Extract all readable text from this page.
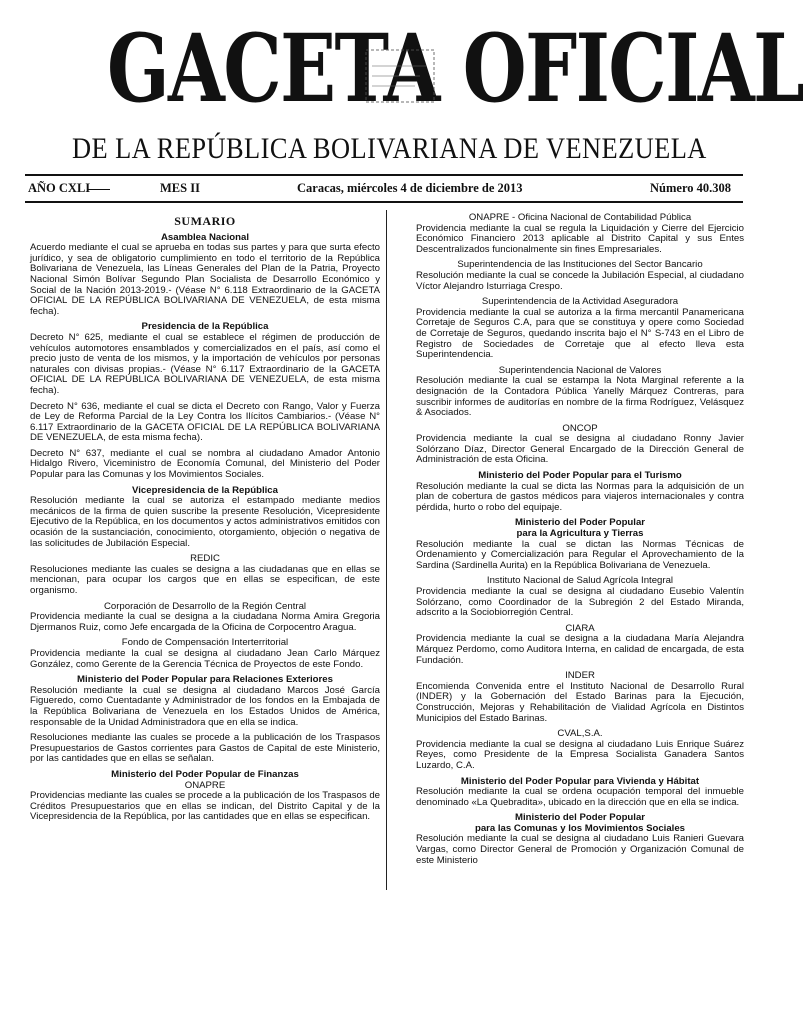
GACETA OFICIAL
DE LA REPÚBLICA BOLIVARIANA DE VENEZUELA
AÑO CXLI	MES II	Caracas, miércoles 4 de diciembre de 2013	Número 40.308
SUMARIO
Asamblea Nacional
Acuerdo mediante el cual se aprueba en todas sus partes y para que surta efecto jurídico, y sea de obligatorio cumplimiento en todo el territorio de la República Bolivariana de Venezuela, las Líneas Generales del Plan de la Patria, Proyecto Nacional Simón Bolívar Segundo Plan Socialista de Desarrollo Económico y Social de la Nación 2013-2019.- (Véase N° 6.118 Extraordinario de la GACETA OFICIAL DE LA REPÚBLICA BOLIVARIANA DE VENEZUELA, de esta misma fecha).
Presidencia de la República
Decreto N° 625, mediante el cual se establece el régimen de producción de vehículos automotores ensamblados y comercializados en el país, así como el precio justo de venta de los mismos, y la importación de vehículos por personas naturales con divisas propias.- (Véase N° 6.117 Extraordinario de la GACETA OFICIAL DE LA REPÚBLICA BOLIVARIANA DE VENEZUELA, de esta misma fecha).
Decreto N° 636, mediante el cual se dicta el Decreto con Rango, Valor y Fuerza de Ley de Reforma Parcial de la Ley Contra los Ilícitos Cambiarios.- (Véase N° 6.117 Extraordinario de la GACETA OFICIAL DE LA REPÚBLICA BOLIVARIANA DE VENEZUELA, de esta misma fecha).
Decreto N° 637, mediante el cual se nombra al ciudadano Amador Antonio Hidalgo Rivero, Viceministro de Economía Comunal, del Ministerio del Poder Popular para las Comunas y los Movimientos Sociales.
Vicepresidencia de la República
Resolución mediante la cual se autoriza el estampado mediante medios mecánicos de la firma de quien suscribe la presente Resolución, Vicepresidente Ejecutivo de la República, en los documentos y actos administrativos emitidos con ocasión de la sustanciación, conocimiento, otorgamiento, objeción o negativa de las solicitudes de Jubilación Especial.
REDIC
Resoluciones mediante las cuales se designa a las ciudadanas que en ellas se mencionan, para ocupar los cargos que en ellas se especifican, de este organismo.
Corporación de Desarrollo de la Región Central
Providencia mediante la cual se designa a la ciudadana Norma Amira Gregoria Djermanos Ruiz, como Jefe encargada de la Oficina de Corpocentro Aragua.
Fondo de Compensación Interterritorial
Providencia mediante la cual se designa al ciudadano Jean Carlo Márquez González, como Gerente de la Gerencia Técnica de Proyectos de este Fondo.
Ministerio del Poder Popular para Relaciones Exteriores
Resolución mediante la cual se designa al ciudadano Marcos José García Figueredo, como Cuentadante y Administrador de los fondos en la Embajada de la República Bolivariana de Venezuela en los Estados Unidos de América, responsable de la Unidad Administradora que en ella se indica.
Resoluciones mediante las cuales se procede a la publicación de los Traspasos Presupuestarios de Gastos corrientes para Gastos de Capital de este Ministerio, por las cantidades que en ellas se señalan.
Ministerio del Poder Popular de Finanzas
ONAPRE
Providencias mediante las cuales se procede a la publicación de los Traspasos de Créditos Presupuestarios que en ellas se indican, del Distrito Capital y de la Vicepresidencia de la República, por las cantidades que en ellas se especifican.
ONAPRE - Oficina Nacional de Contabilidad Pública
Providencia mediante la cual se regula la Liquidación y Cierre del Ejercicio Económico Financiero 2013 aplicable al Distrito Capital y sus Entes Descentralizados funcionalmente sin fines Empresariales.
Superintendencia de las Instituciones del Sector Bancario
Resolución mediante la cual se concede la Jubilación Especial, al ciudadano Víctor Alejandro Isturriaga Crespo.
Superintendencia de la Actividad Aseguradora
Providencia mediante la cual se autoriza a la firma mercantil Panamericana Corretaje de Seguros C.A, para que se constituya y opere como Sociedad de Corretaje de Seguros, quedando inscrita bajo el N° S-743 en el Libro de Registro de Sociedades de Corretaje que al efecto lleva esta Superintendencia.
Superintendencia Nacional de Valores
Resolución mediante la cual se estampa la Nota Marginal referente a la designación de la Contadora Pública Yanelly Márquez Contreras, para suscribir informes de auditorías en nombre de la firma Rodríguez, Velásquez & Asociados.
ONCOP
Providencia mediante la cual se designa al ciudadano Ronny Javier Solórzano Díaz, Director General Encargado de la Dirección General de Administración de esta Oficina.
Ministerio del Poder Popular para el Turismo
Resolución mediante la cual se dicta las Normas para la adquisición de un plan de cobertura de gastos médicos para viajeros internacionales y contra pérdida, hurto o robo del equipaje.
Ministerio del Poder Popular
para la Agricultura y Tierras
Resolución mediante la cual se dictan las Normas Técnicas de Ordenamiento y Comercialización para Regular el Aprovechamiento de la Sardina (Sardinella Aurita) en la República Bolivariana de Venezuela.
Instituto Nacional de Salud Agrícola Integral
Providencia mediante la cual se designa al ciudadano Eusebio Valentín Solórzano, como Coordinador de la Subregión 2 del Estado Miranda, adscrito a la Sociobiorregión Central.
CIARA
Providencia mediante la cual se designa a la ciudadana María Alejandra Márquez Perdomo, como Auditora Interna, en calidad de encargada, de esta Fundación.
INDER
Encomienda Convenida entre el Instituto Nacional de Desarrollo Rural (INDER) y la Gobernación del Estado Barinas para la Ejecución, Construcción, Mejoras y Rehabilitación de Vialidad Agrícola en Distintos Municipios del Estado Barinas.
CVAL,S.A.
Providencia mediante la cual se designa al ciudadano Luis Enrique Suárez Reyes, como Presidente de la Empresa Socialista Ganadera Santos Luzardo, C.A.
Ministerio del Poder Popular para Vivienda y Hábitat
Resolución mediante la cual se ordena ocupación temporal del inmueble denominado «La Quebradita», ubicado en la dirección que en ella se indica.
Ministerio del Poder Popular
para las Comunas y los Movimientos Sociales
Resolución mediante la cual se designa al ciudadano Luis Ranieri Guevara Vargas, como Director General de Promoción y Organización Comunal de este Ministerio
